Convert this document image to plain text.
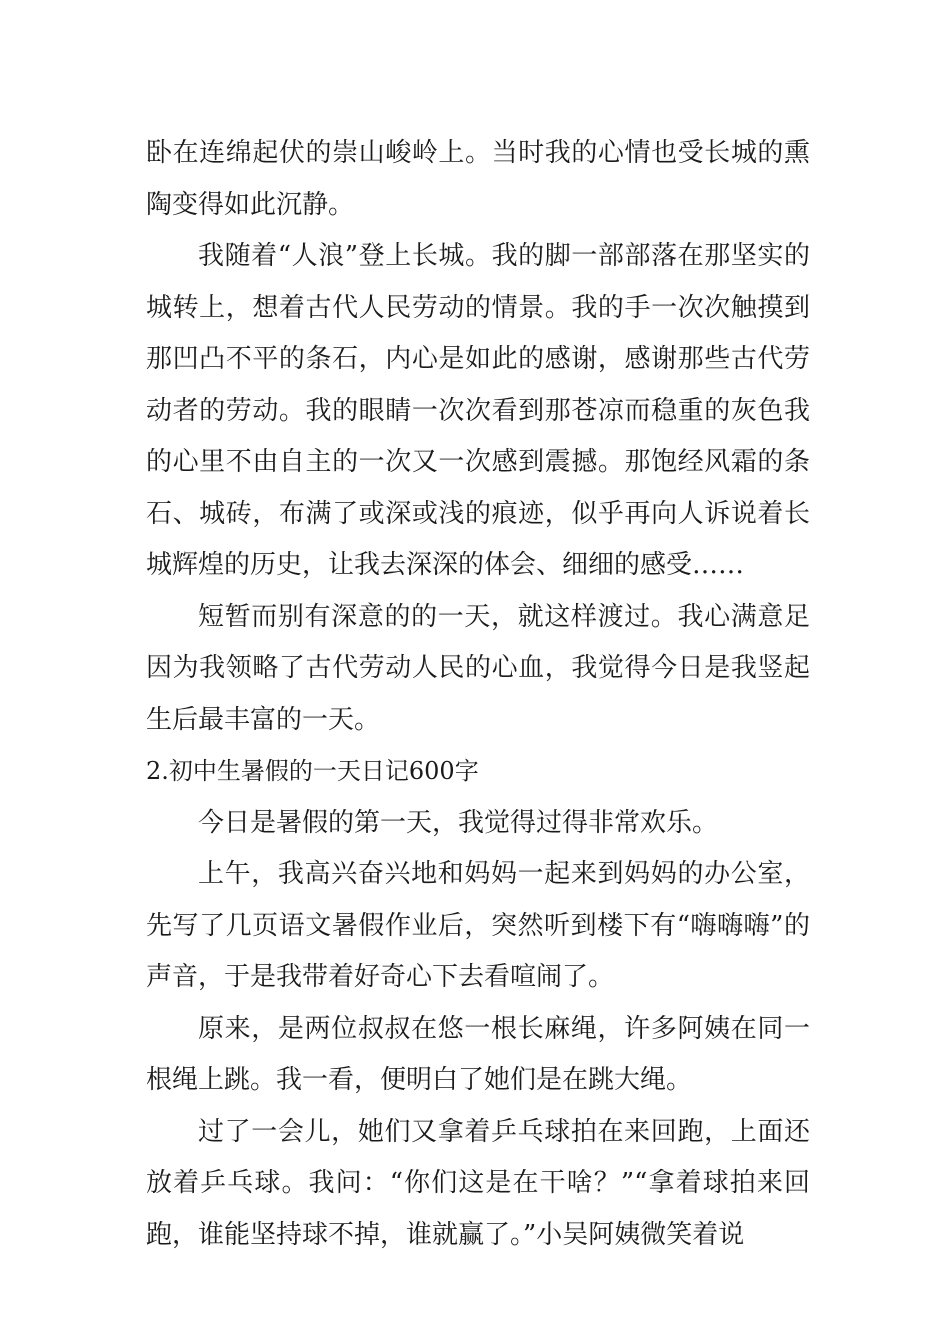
卧在连绵起伏的崇山峻岭上。当时我的心情也受长城的熏陶变得如此沉静。

我随着“人浪”登上长城。我的脚一部部落在那坚实的城转上，想着古代人民劳动的情景。我的手一次次触摸到那凹凸不平的条石，内心是如此的感谢，感谢那些古代劳动者的劳动。我的眼睛一次次看到那苍凉而稳重的灰色我的心里不由自主的一次又一次感到震撼。那饱经风霜的条石、城砖，布满了或深或浅的痕迹，似乎再向人诉说着长城辉煌的历史，让我去深深的体会、细细的感受……

短暂而别有深意的的一天，就这样渡过。我心满意足因为我领略了古代劳动人民的心血，我觉得今日是我竖起生后最丰富的一天。

2.初中生暑假的一天日记600字

今日是暑假的第一天，我觉得过得非常欢乐。

上午，我高兴奋兴地和妈妈一起来到妈妈的办公室，先写了几页语文暑假作业后，突然听到楼下有“嗨嗨嗨”的声音，于是我带着好奇心下去看喧闹了。

原来，是两位叔叔在悠一根长麻绳，许多阿姨在同一根绳上跳。我一看，便明白了她们是在跳大绳。

过了一会儿，她们又拿着乒乓球拍在来回跑，上面还放着乒乓球。我问：“你们这是在干啥？”“拿着球拍来回跑，谁能坚持球不掉，谁就赢了。”小吴阿姨微笑着说
